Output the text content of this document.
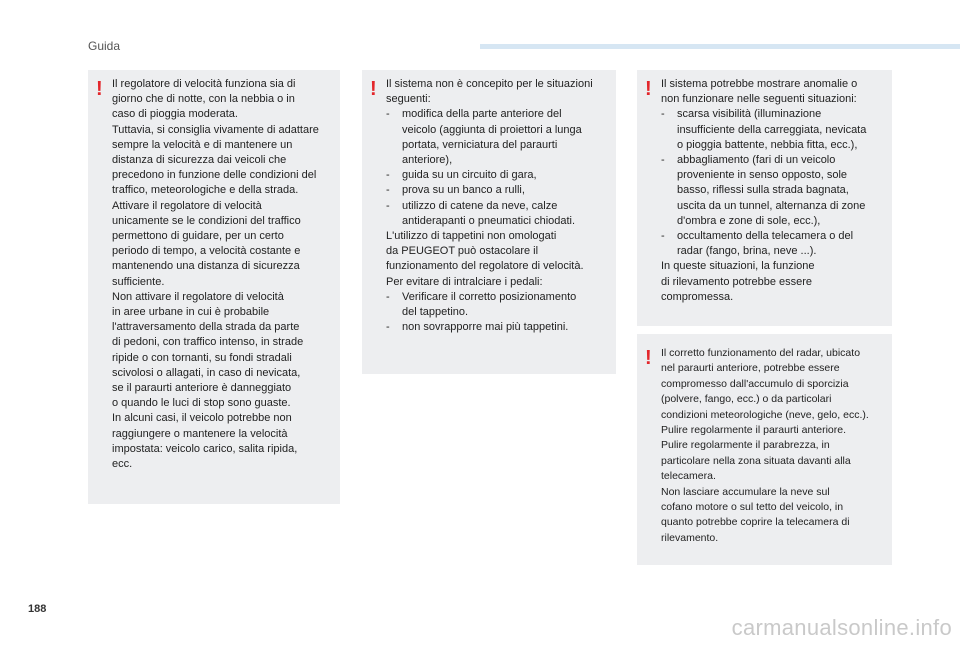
Guida
! Il regolatore di velocità funziona sia di
giorno che di notte, con la nebbia o in
caso di pioggia moderata.
Tuttavia, si consiglia vivamente di adattare
sempre la velocità e di mantenere un
distanza di sicurezza dai veicoli che
precedono in funzione delle condizioni del
traffico, meteorologiche e della strada.
Attivare il regolatore di velocità
unicamente se le condizioni del traffico
permettono di guidare, per un certo
periodo di tempo, a velocità costante e
mantenendo una distanza di sicurezza
sufficiente.
Non attivare il regolatore di velocità
in aree urbane in cui è probabile
l'attraversamento della strada da parte
di pedoni, con traffico intenso, in strade
ripide o con tornanti, su fondi stradali
scivolosi o allagati, in caso di nevicata,
se il paraurti anteriore è danneggiato
o quando le luci di stop sono guaste.
In alcuni casi, il veicolo potrebbe non
raggiungere o mantenere la velocità
impostata: veicolo carico, salita ripida,
ecc.
! Il sistema non è concepito per le situazioni
seguenti:
- modifica della parte anteriore del
veicolo (aggiunta di proiettori a lunga
portata, verniciatura del paraurti
anteriore),
- guida su un circuito di gara,
- prova su un banco a rulli,
- utilizzo di catene da neve, calze
antiderapanti o pneumatici chiodati.
L'utilizzo di tappetini non omologati
da PEUGEOT può ostacolare il
funzionamento del regolatore di velocità.
Per evitare di intralciare i pedali:
- Verificare il corretto posizionamento
del tappetino.
- non sovrapporre mai più tappetini.
! Il sistema potrebbe mostrare anomalie o
non funzionare nelle seguenti situazioni:
- scarsa visibilità (illuminazione
insufficiente della carreggiata, nevicata
o pioggia battente, nebbia fitta, ecc.),
- abbagliamento (fari di un veicolo
proveniente in senso opposto, sole
basso, riflessi sulla strada bagnata,
uscita da un tunnel, alternanza di zone
d'ombra e zone di sole, ecc.),
- occultamento della telecamera o del
radar (fango, brina, neve ...).
In queste situazioni, la funzione
di rilevamento potrebbe essere
compromessa.
! Il corretto funzionamento del radar, ubicato
nel paraurti anteriore, potrebbe essere
compromesso dall'accumulo di sporcizia
(polvere, fango, ecc.) o da particolari
condizioni meteorologiche (neve, gelo, ecc.).
Pulire regolarmente il paraurti anteriore.
Pulire regolarmente il parabrezza, in
particolare nella zona situata davanti alla
telecamera.
Non lasciare accumulare la neve sul
cofano motore o sul tetto del veicolo, in
quanto potrebbe coprire la telecamera di
rilevamento.
188
carmanualsonline.info
